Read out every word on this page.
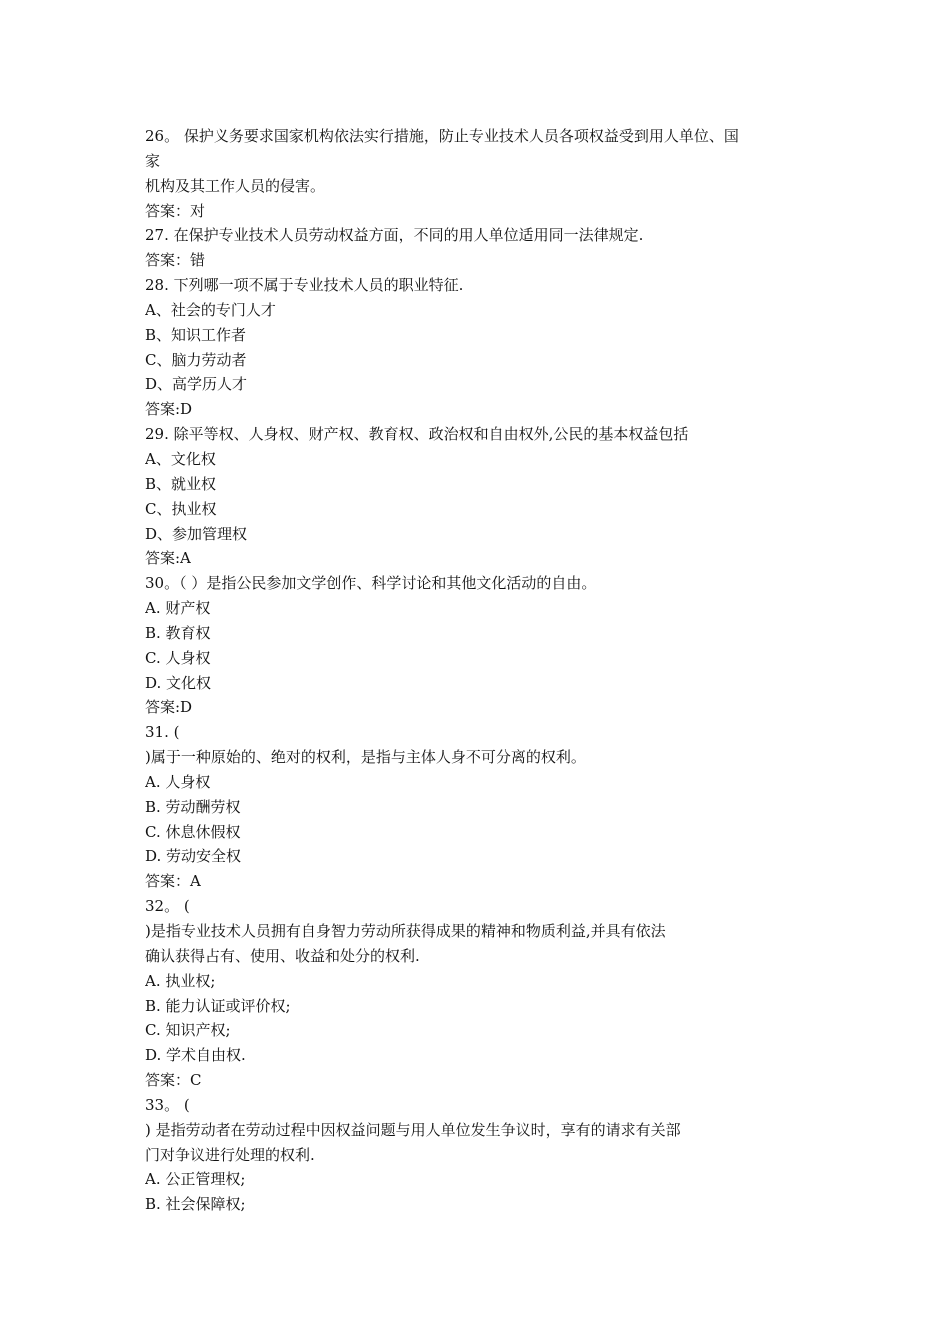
26。 保护义务要求国家机构依法实行措施，防止专业技术人员各项权益受到用人单位、国
家
机构及其工作人员的侵害。
答案：对
27. 在保护专业技术人员劳动权益方面，不同的用人单位适用同一法律规定.
答案：错
28. 下列哪一项不属于专业技术人员的职业特征.
A、社会的专门人才
B、知识工作者
C、脑力劳动者
D、高学历人才
答案:D
29. 除平等权、人身权、财产权、教育权、政治权和自由权外,公民的基本权益包括
A、文化权
B、就业权
C、执业权
D、参加管理权
答案:A
30。（ ）是指公民参加文学创作、科学讨论和其他文化活动的自由。
A. 财产权
B. 教育权
C. 人身权
D. 文化权
答案:D
31. (
)属于一种原始的、绝对的权利，是指与主体人身不可分离的权利。
A. 人身权
B. 劳动酬劳权
C. 休息休假权
D. 劳动安全权
答案：A
32。 (
)是指专业技术人员拥有自身智力劳动所获得成果的精神和物质利益,并具有依法
确认获得占有、使用、收益和处分的权利.
A. 执业权;
B. 能力认证或评价权;
C. 知识产权;
D. 学术自由权.
答案：C
33。 (
) 是指劳动者在劳动过程中因权益问题与用人单位发生争议时，享有的请求有关部
门对争议进行处理的权利.
A. 公正管理权;
B. 社会保障权;
